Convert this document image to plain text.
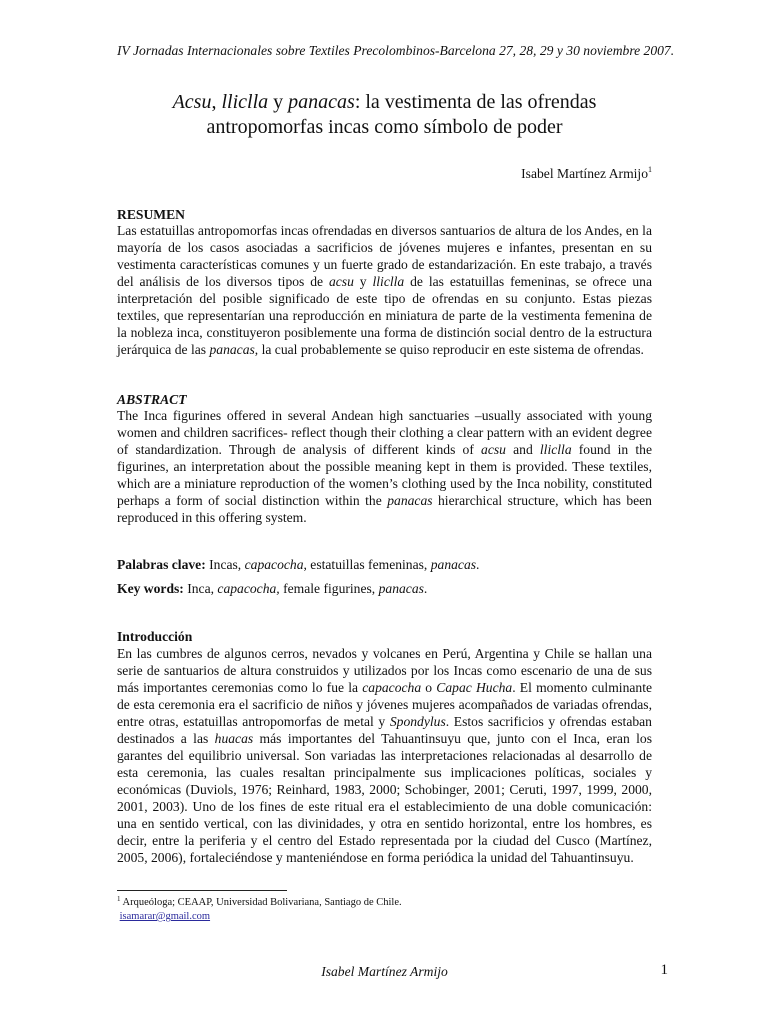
IV Jornadas Internacionales sobre Textiles Precolombinos-Barcelona 27, 28, 29 y 30 noviembre 2007.
Acsu, lliclla y panacas: la vestimenta de las ofrendas
antropomorfas incas como símbolo de poder
Isabel Martínez Armijo$^1$
RESUMEN

Las estatuillas antropomorfas incas ofrendadas en diversos santuarios de altura de los Andes, en la mayoría de los casos asociadas a sacrificios de jóvenes mujeres e infantes, presentan en su vestimenta características comunes y un fuerte grado de estandarización. En este trabajo, a través del análisis de los diversos tipos de acsu y lliclla de las estatuillas femeninas, se ofrece una interpretación del posible significado de este tipo de ofrendas en su conjunto. Estas piezas textiles, que representarían una reproducción en miniatura de parte de la vestimenta femenina de la nobleza inca, constituyeron posiblemente una forma de distinción social dentro de la estructura jerárquica de las panacas, la cual probablemente se quiso reproducir en este sistema de ofrendas.

ABSTRACT

The Inca figurines offered in several Andean high sanctuaries –usually associated with young women and children sacrifices- reflect though their clothing a clear pattern with an evident degree of standardization. Through de analysis of different kinds of acsu and lliclla found in the figurines, an interpretation about the possible meaning kept in them is provided. These textiles, which are a miniature reproduction of the women’s clothing used by the Inca nobility, constituted perhaps a form of social distinction within the panacas hierarchical structure, which has been reproduced in this offering system.

Palabras clave: Incas, capacocha, estatuillas femeninas, panacas.
Key words: Inca, capacocha, female figurines, panacas.
Introducción

En las cumbres de algunos cerros, nevados y volcanes en Perú, Argentina y Chile se hallan una serie de santuarios de altura construidos y utilizados por los Incas como escenario de una de sus más importantes ceremonias como lo fue la capacocha o Capac Hucha. El momento culminante de esta ceremonia era el sacrificio de niños y jóvenes mujeres acompañados de variadas ofrendas, entre otras, estatuillas antropomorfas de metal y Spondylus. Estos sacrificios y ofrendas estaban destinados a las huacas más importantes del Tahuantinsuyu que, junto con el Inca, eran los garantes del equilibrio universal. Son variadas las interpretaciones relacionadas al desarrollo de esta ceremonia, las cuales resaltan principalmente sus implicaciones políticas, sociales y económicas (Duviols, 1976; Reinhard, 1983, 2000; Schobinger, 2001; Ceruti, 1997, 1999, 2000, 2001, 2003). Uno de los fines de este ritual era el establecimiento de una doble comunicación: una en sentido vertical, con las divinidades, y otra en sentido horizontal, entre los hombres, es decir, entre la periferia y el centro del Estado representada por la ciudad del Cusco (Martínez, 2005, 2006), fortaleciéndose y manteniéndose en forma periódica la unidad del Tahuantinsuyu.

$^1$ Arqueóloga; CEAAP, Universidad Bolivariana, Santiago de Chile.
isamarar@gmail.com
Isabel Martínez Armijo	1
